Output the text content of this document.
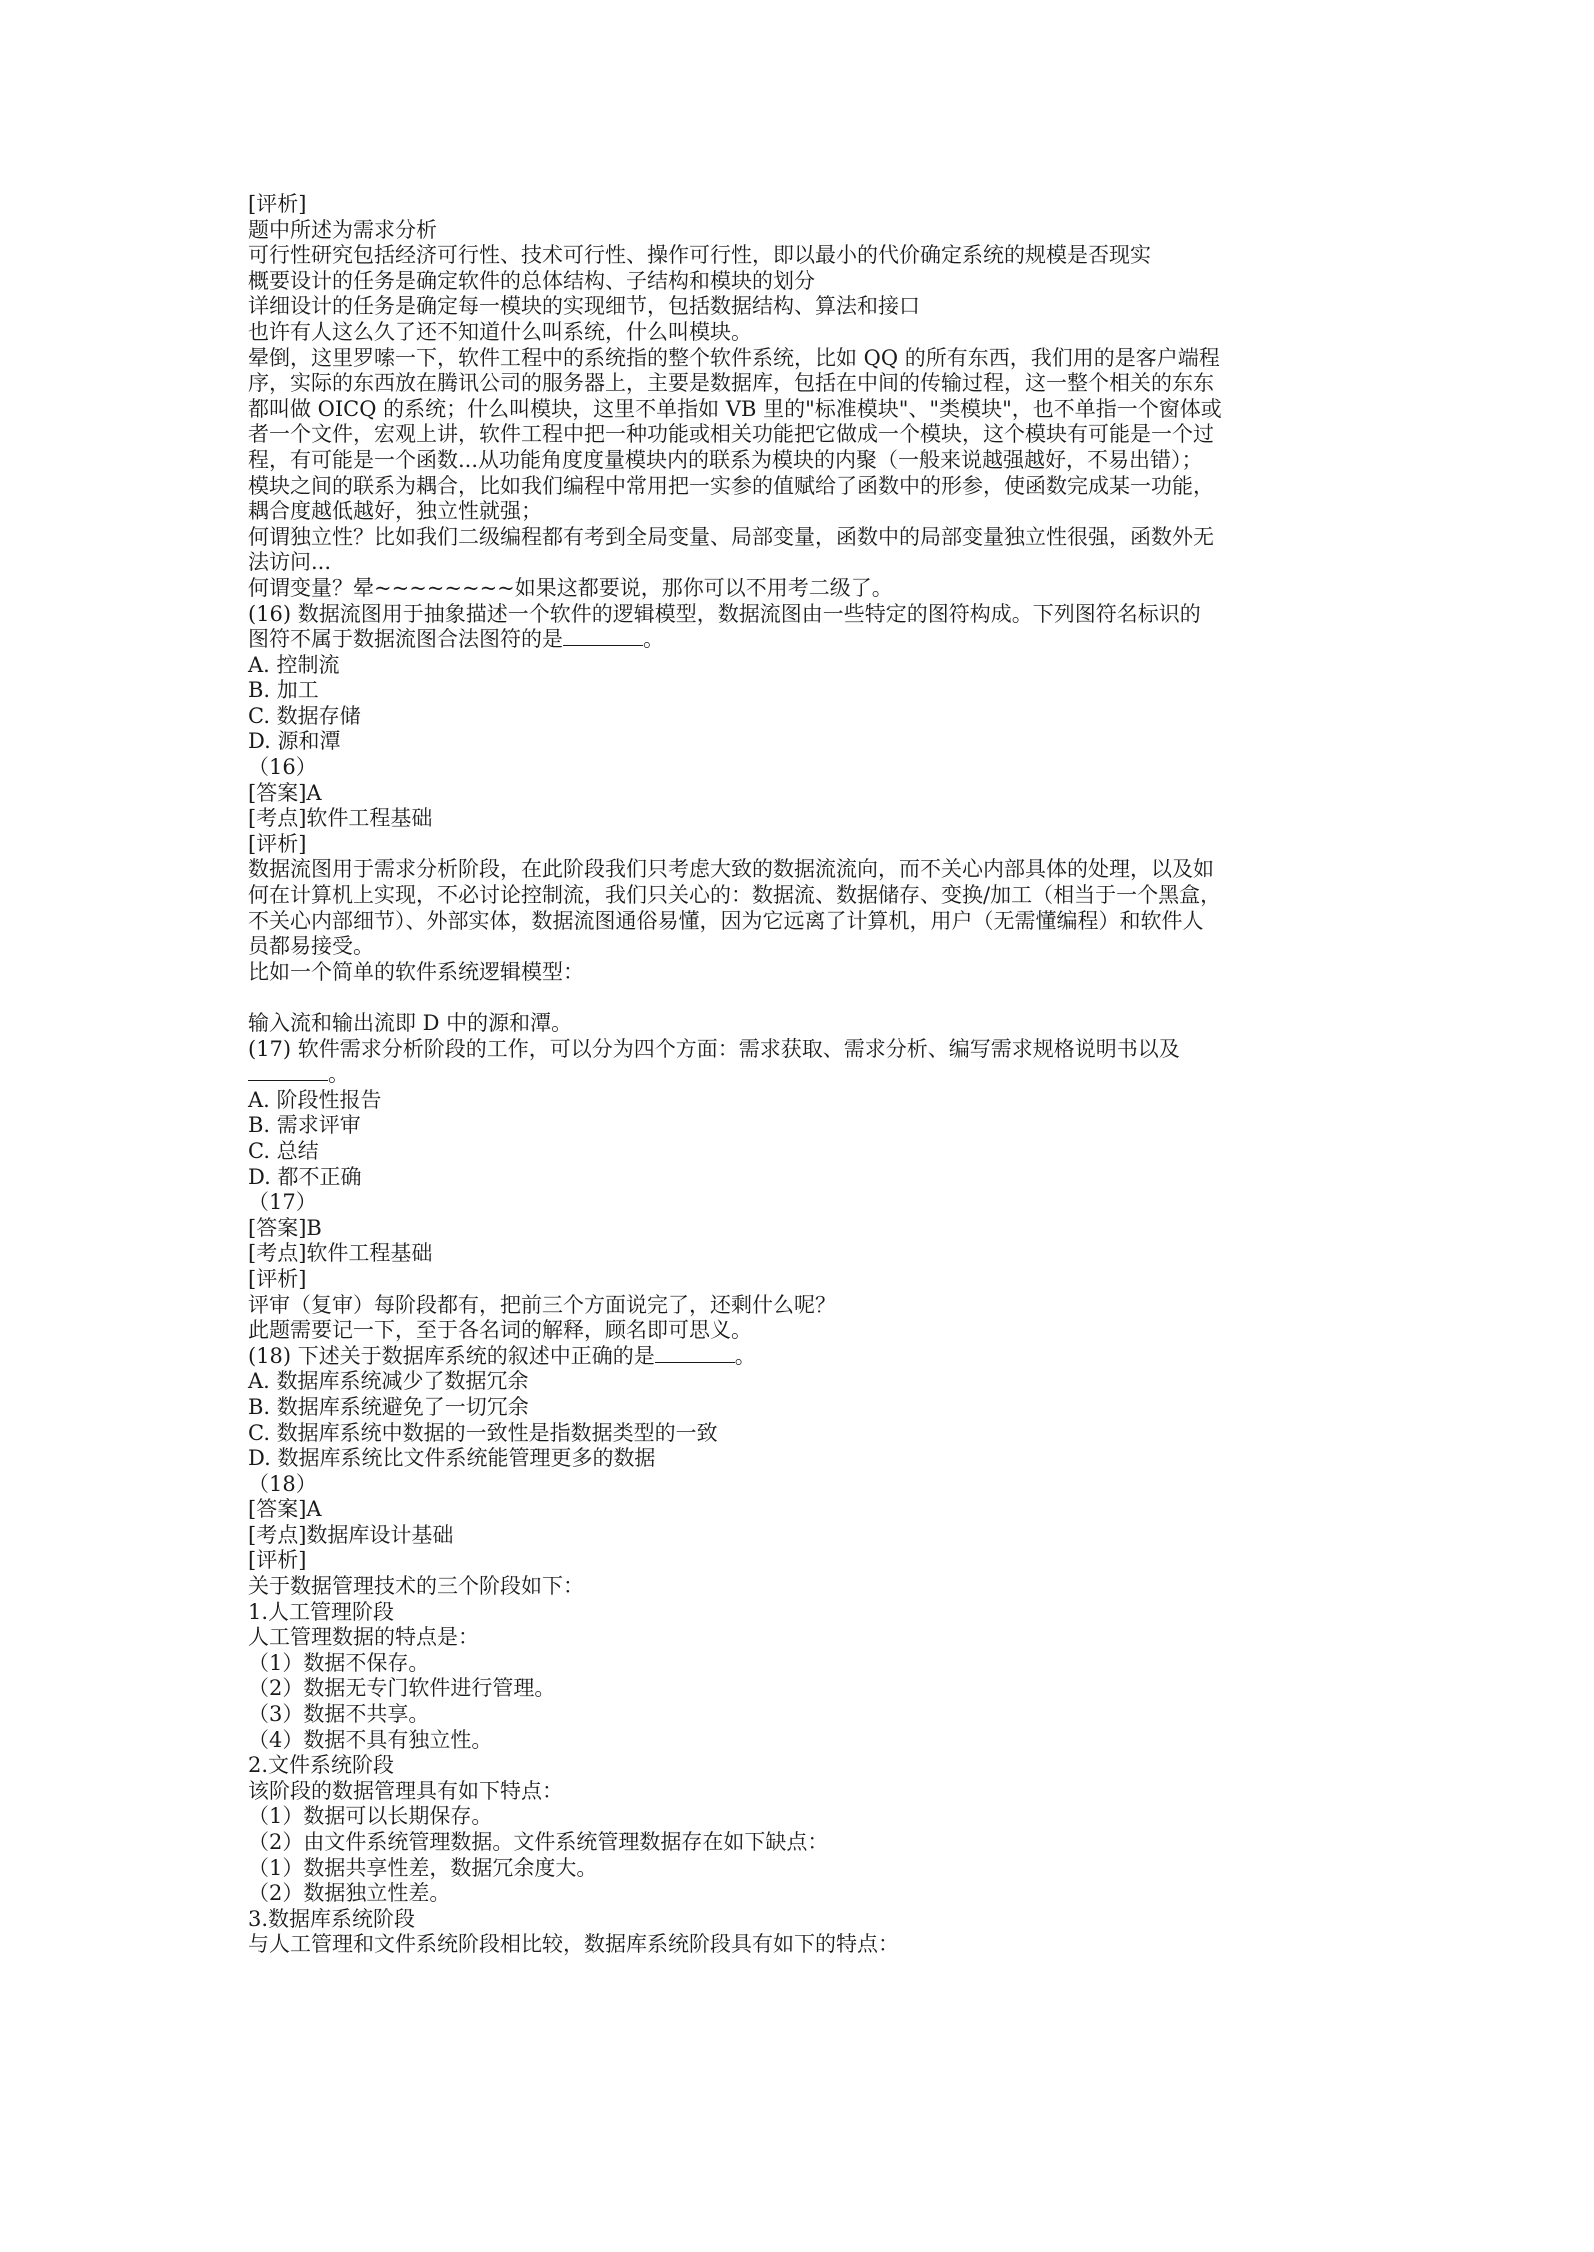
[评析]
题中所述为需求分析
可行性研究包括经济可行性、技术可行性、操作可行性，即以最小的代价确定系统的规模是否现实
概要设计的任务是确定软件的总体结构、子结构和模块的划分
详细设计的任务是确定每一模块的实现细节，包括数据结构、算法和接口
也许有人这么久了还不知道什么叫系统，什么叫模块。
晕倒，这里罗嗦一下，软件工程中的系统指的整个软件系统，比如 QQ 的所有东西，我们用的是客户端程
序，实际的东西放在腾讯公司的服务器上，主要是数据库，包括在中间的传输过程，这一整个相关的东东
都叫做 OICQ 的系统；什么叫模块，这里不单指如 VB 里的"标准模块"、"类模块"，也不单指一个窗体或
者一个文件，宏观上讲，软件工程中把一种功能或相关功能把它做成一个模块，这个模块有可能是一个过
程，有可能是一个函数...从功能角度度量模块内的联系为模块的内聚（一般来说越强越好，不易出错）；
模块之间的联系为耦合，比如我们编程中常用把一实参的值赋给了函数中的形参，使函数完成某一功能，
耦合度越低越好，独立性就强；
何谓独立性？比如我们二级编程都有考到全局变量、局部变量，函数中的局部变量独立性很强，函数外无
法访问...
何谓变量？晕~~~~~~~~如果这都要说，那你可以不用考二级了。
(16) 数据流图用于抽象描述一个软件的逻辑模型，数据流图由一些特定的图符构成。下列图符名标识的
图符不属于数据流图合法图符的是	。
A. 控制流
B. 加工
C. 数据存储
D. 源和潭
（16）
[答案]A
[考点]软件工程基础
[评析]
数据流图用于需求分析阶段，在此阶段我们只考虑大致的数据流流向，而不关心内部具体的处理，以及如
何在计算机上实现，不必讨论控制流，我们只关心的：数据流、数据储存、变换/加工（相当于一个黑盒，
不关心内部细节）、外部实体，数据流图通俗易懂，因为它远离了计算机，用户（无需懂编程）和软件人
员都易接受。
比如一个简单的软件系统逻辑模型：
输入流和输出流即 D 中的源和潭。
(17) 软件需求分析阶段的工作，可以分为四个方面：需求获取、需求分析、编写需求规格说明书以及
。
A. 阶段性报告
B. 需求评审
C. 总结
D. 都不正确
（17）
[答案]B
[考点]软件工程基础
[评析]
评审（复审）每阶段都有，把前三个方面说完了，还剩什么呢？
此题需要记一下，至于各名词的解释，顾名即可思义。
(18) 下述关于数据库系统的叙述中正确的是	。
A. 数据库系统减少了数据冗余
B. 数据库系统避免了一切冗余
C. 数据库系统中数据的一致性是指数据类型的一致
D. 数据库系统比文件系统能管理更多的数据
（18）
[答案]A
[考点]数据库设计基础
[评析]
关于数据管理技术的三个阶段如下：
1.人工管理阶段
人工管理数据的特点是：
（1）数据不保存。
（2）数据无专门软件进行管理。
（3）数据不共享。
（4）数据不具有独立性。
2.文件系统阶段
该阶段的数据管理具有如下特点：
（1）数据可以长期保存。
（2）由文件系统管理数据。文件系统管理数据存在如下缺点：
（1）数据共享性差，数据冗余度大。
（2）数据独立性差。
3.数据库系统阶段
与人工管理和文件系统阶段相比较，数据库系统阶段具有如下的特点：
